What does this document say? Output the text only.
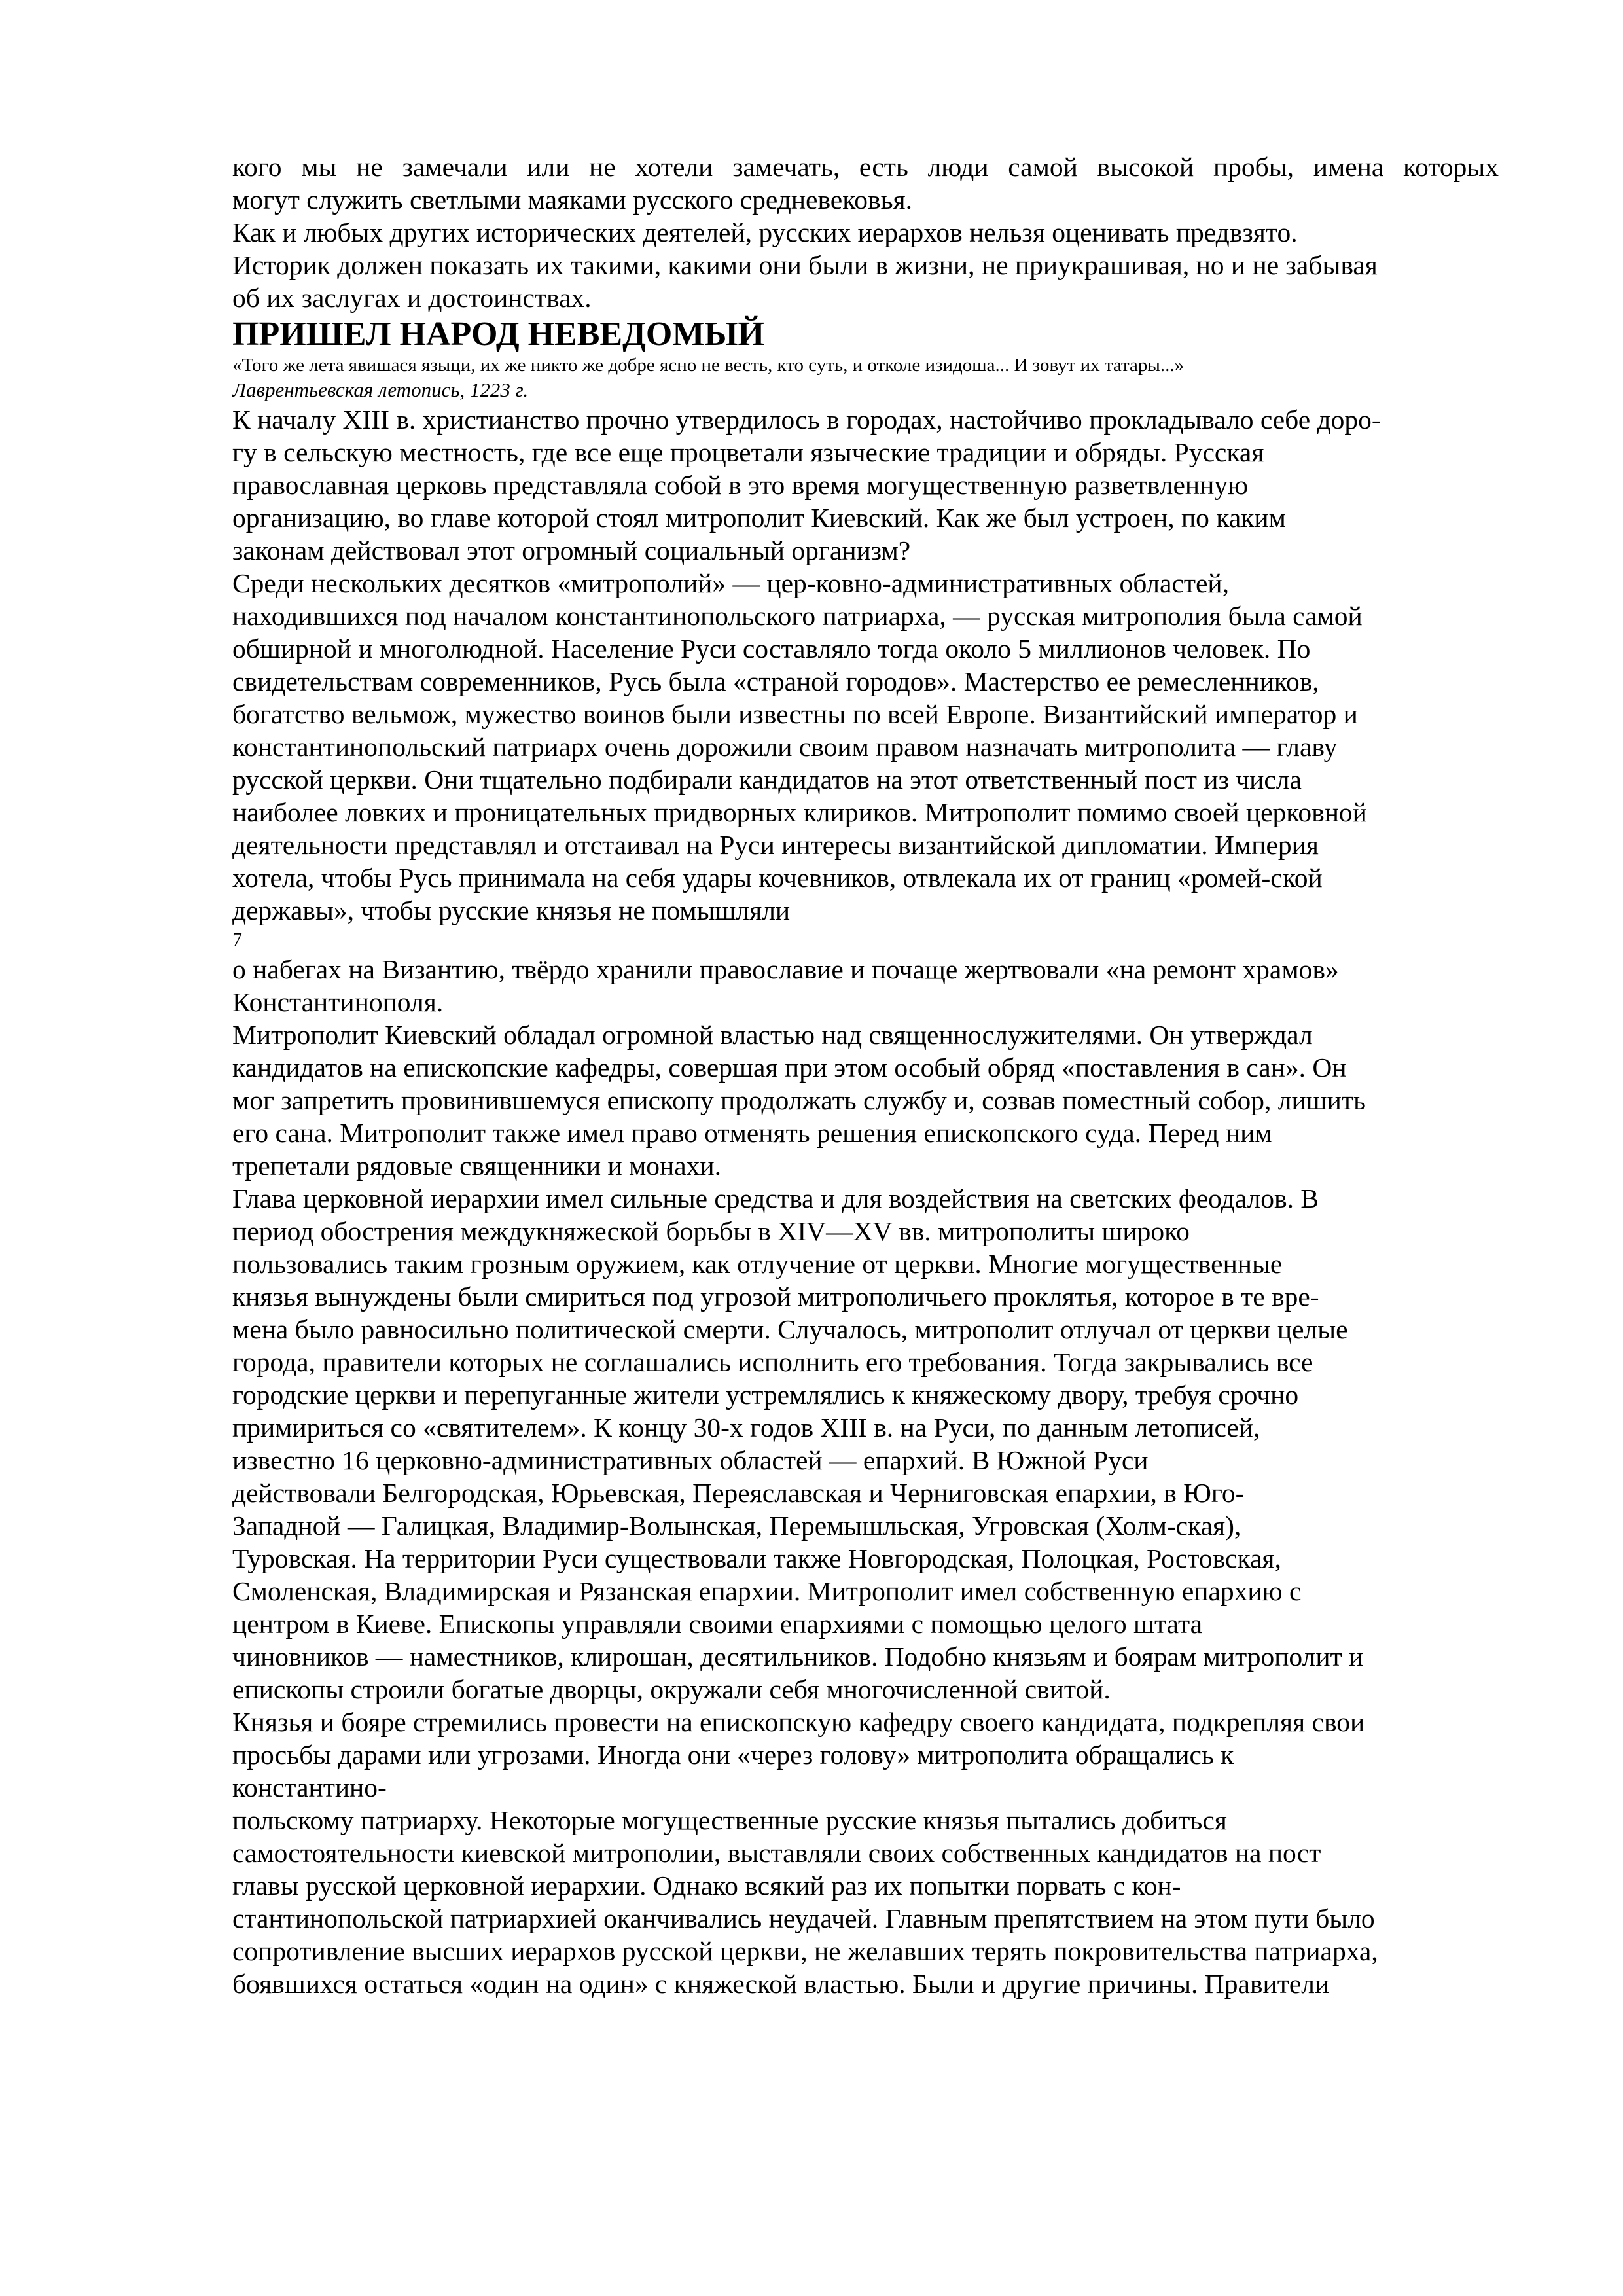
кого мы не замечали или не хотели замечать, есть люди самой высокой пробы, имена которых
могут служить светлыми маяками русского средневековья.
Как и любых других исторических деятелей, русских иерархов нельзя оценивать предвзято.
Историк должен показать их такими, какими они были в жизни, не приукрашивая, но и не забывая
об их заслугах и достоинствах.
ПРИШЕЛ НАРОД НЕВЕДОМЫЙ
«Того же лета явишася языци, их же никто же добре ясно не весть, кто суть, и отколе изидоша... И зовут их татары...»
Лаврентьевская летопись, 1223 г.
К началу XIII в. христианство прочно утвердилось в городах, настойчиво прокладывало себе доро-
гу в сельскую местность, где все еще процветали языческие традиции и обряды. Русская
православная церковь представляла собой в это время могущественную разветвленную
организацию, во главе которой стоял митрополит Киевский. Как же был устроен, по каким
законам действовал этот огромный социальный организм?
Среди нескольких десятков «митрополий» — цер-ковно-административных областей,
находившихся под началом константинопольского патриарха, — русская митрополия была самой
обширной и многолюдной. Население Руси составляло тогда около 5 миллионов человек. По
свидетельствам современников, Русь была «страной городов». Мастерство ее ремесленников,
богатство вельмож, мужество воинов были известны по всей Европе. Византийский император и
константинопольский патриарх очень дорожили своим правом назначать митрополита — главу
русской церкви. Они тщательно подбирали кандидатов на этот ответственный пост из числа
наиболее ловких и проницательных придворных клириков. Митрополит помимо своей церковной
деятельности представлял и отстаивал на Руси интересы византийской дипломатии. Империя
хотела, чтобы Русь принимала на себя удары кочевников, отвлекала их от границ «ромей-ской
державы», чтобы русские князья не помышляли
7
о набегах на Византию, твёрдо хранили православие и почаще жертвовали «на ремонт храмов»
Константинополя.
Митрополит Киевский обладал огромной властью над священнослужителями. Он утверждал
кандидатов на епископские кафедры, совершая при этом особый обряд «поставления в сан». Он
мог запретить провинившемуся епископу продолжать службу и, созвав поместный собор, лишить
его сана. Митрополит также имел право отменять решения епископского суда. Перед ним
трепетали рядовые священники и монахи.
Глава церковной иерархии имел сильные средства и для воздействия на светских феодалов. В
период обострения междукняжеской борьбы в XIV—XV вв. митрополиты широко
пользовались таким грозным оружием, как отлучение от церкви. Многие могущественные
князья вынуждены были смириться под угрозой митрополичьего проклятья, которое в те вре-
мена было равносильно политической смерти. Случалось, митрополит отлучал от церкви целые
города, правители которых не соглашались исполнить его требования. Тогда закрывались все
городские церкви и перепуганные жители устремлялись к княжескому двору, требуя срочно
примириться со «святителем». К концу 30-х годов XIII в. на Руси, по данным летописей,
известно 16 церковно-административных областей — епархий. В Южной Руси
действовали Белгородская, Юрьевская, Переяславская и Черниговская епархии, в Юго-
Западной — Галицкая, Владимир-Волынская, Перемышльская, Угровская (Холм-ская),
Туровская. На территории Руси существовали также Новгородская, Полоцкая, Ростовская,
Смоленская, Владимирская и Рязанская епархии. Митрополит имел собственную епархию с
центром в Киеве. Епископы управляли своими епархиями с помощью целого штата
чиновников — наместников, клирошан, десятильников. Подобно князьям и боярам митрополит и
епископы строили богатые дворцы, окружали себя многочисленной свитой.
Князья и бояре стремились провести на епископскую кафедру своего кандидата, подкрепляя свои
просьбы дарами или угрозами. Иногда они «через голову» митрополита обращались к
константино-
польскому патриарху. Некоторые могущественные русские князья пытались добиться
самостоятельности киевской митрополии, выставляли своих собственных кандидатов на пост
главы русской церковной иерархии. Однако всякий раз их попытки порвать с кон-
стантинопольской патриархией оканчивались неудачей. Главным препятствием на этом пути было
сопротивление высших иерархов русской церкви, не желавших терять покровительства патриарха,
боявшихся остаться «один на один» с княжеской властью. Были и другие причины. Правители
